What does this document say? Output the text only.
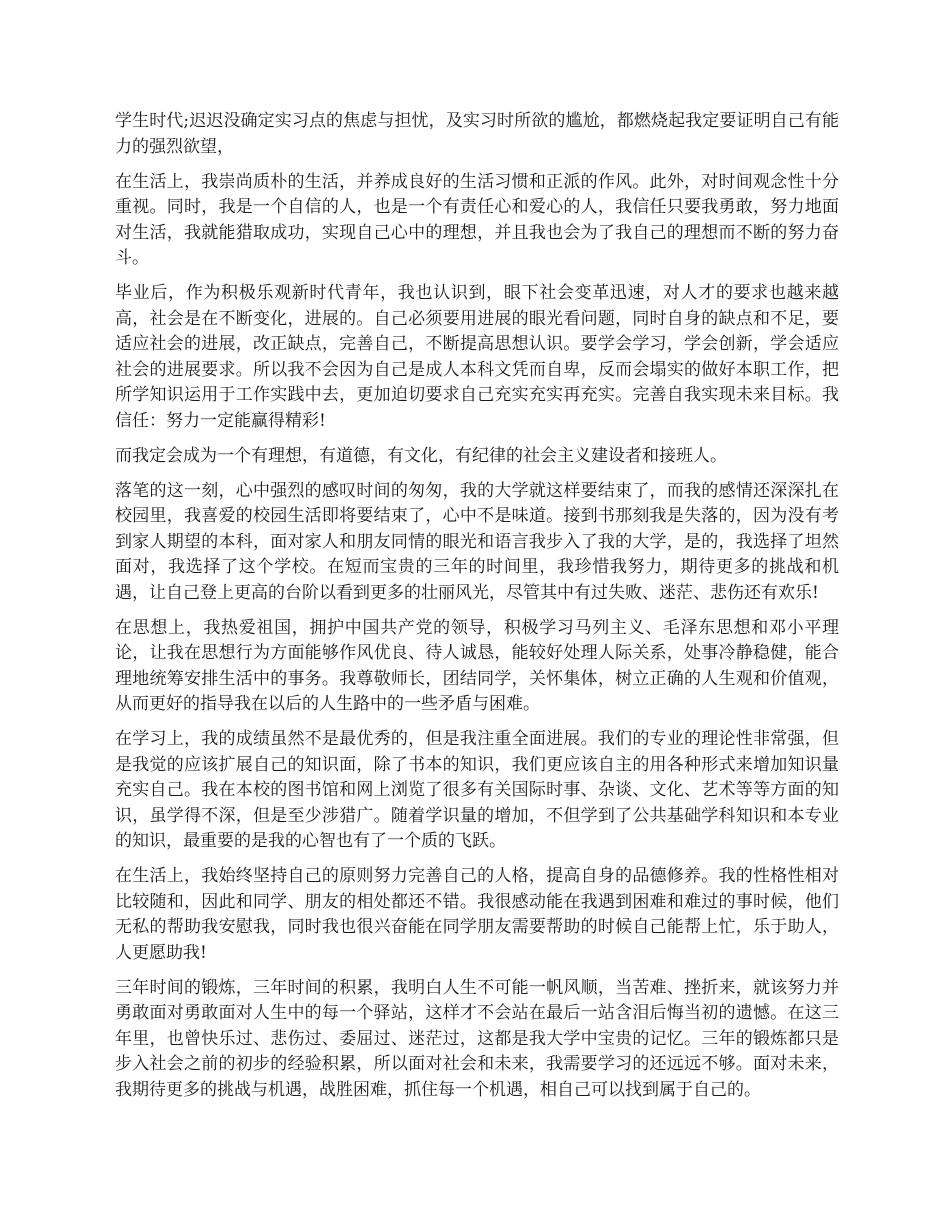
学生时代;迟迟没确定实习点的焦虑与担忧，及实习时所欲的尴尬，都燃烧起我定要证明自己有能力的强烈欲望，

在生活上，我崇尚质朴的生活，并养成良好的生活习惯和正派的作风。此外，对时间观念性十分重视。同时，我是一个自信的人，也是一个有责任心和爱心的人，我信任只要我勇敢，努力地面对生活，我就能猎取成功，实现自己心中的理想，并且我也会为了我自己的理想而不断的努力奋斗。

毕业后，作为积极乐观新时代青年，我也认识到，眼下社会变革迅速，对人才的要求也越来越高，社会是在不断变化，进展的。自己必须要用进展的眼光看问题，同时自身的缺点和不足，要适应社会的进展，改正缺点，完善自己，不断提高思想认识。要学会学习，学会创新，学会适应社会的进展要求。所以我不会因为自己是成人本科文凭而自卑，反而会塌实的做好本职工作，把所学知识运用于工作实践中去，更加迫切要求自己充实充实再充实。完善自我实现未来目标。我信任：努力一定能赢得精彩!

而我定会成为一个有理想，有道德，有文化，有纪律的社会主义建设者和接班人。

落笔的这一刻，心中强烈的感叹时间的匆匆，我的大学就这样要结束了，而我的感情还深深扎在校园里，我喜爱的校园生活即将要结束了，心中不是味道。接到书那刻我是失落的，因为没有考到家人期望的本科，面对家人和朋友同情的眼光和语言我步入了我的大学，是的，我选择了坦然面对，我选择了这个学校。在短而宝贵的三年的时间里，我珍惜我努力，期待更多的挑战和机遇，让自己登上更高的台阶以看到更多的壮丽风光，尽管其中有过失败、迷茫、悲伤还有欢乐!

在思想上，我热爱祖国，拥护中国共产党的领导，积极学习马列主义、毛泽东思想和邓小平理论，让我在思想行为方面能够作风优良、待人诚恳，能较好处理人际关系，处事冷静稳健，能合理地统筹安排生活中的事务。我尊敬师长，团结同学，关怀集体，树立正确的人生观和价值观，从而更好的指导我在以后的人生路中的一些矛盾与困难。

在学习上，我的成绩虽然不是最优秀的，但是我注重全面进展。我们的专业的理论性非常强，但是我觉的应该扩展自己的知识面，除了书本的知识，我们更应该自主的用各种形式来增加知识量充实自己。我在本校的图书馆和网上浏览了很多有关国际时事、杂谈、文化、艺术等等方面的知识，虽学得不深，但是至少涉猎广。随着学识量的增加，不但学到了公共基础学科知识和本专业的知识，最重要的是我的心智也有了一个质的飞跃。

在生活上，我始终坚持自己的原则努力完善自己的人格，提高自身的品德修养。我的性格性相对比较随和，因此和同学、朋友的相处都还不错。我很感动能在我遇到困难和难过的事时候，他们无私的帮助我安慰我，同时我也很兴奋能在同学朋友需要帮助的时候自己能帮上忙，乐于助人，人更愿助我!

三年时间的锻炼，三年时间的积累，我明白人生不可能一帆风顺，当苦难、挫折来，就该努力并勇敢面对勇敢面对人生中的每一个驿站，这样才不会站在最后一站含泪后悔当初的遗憾。在这三年里，也曾快乐过、悲伤过、委屈过、迷茫过，这都是我大学中宝贵的记忆。三年的锻炼都只是步入社会之前的初步的经验积累，所以面对社会和未来，我需要学习的还远远不够。面对未来，我期待更多的挑战与机遇，战胜困难，抓住每一个机遇，相自己可以找到属于自己的。
